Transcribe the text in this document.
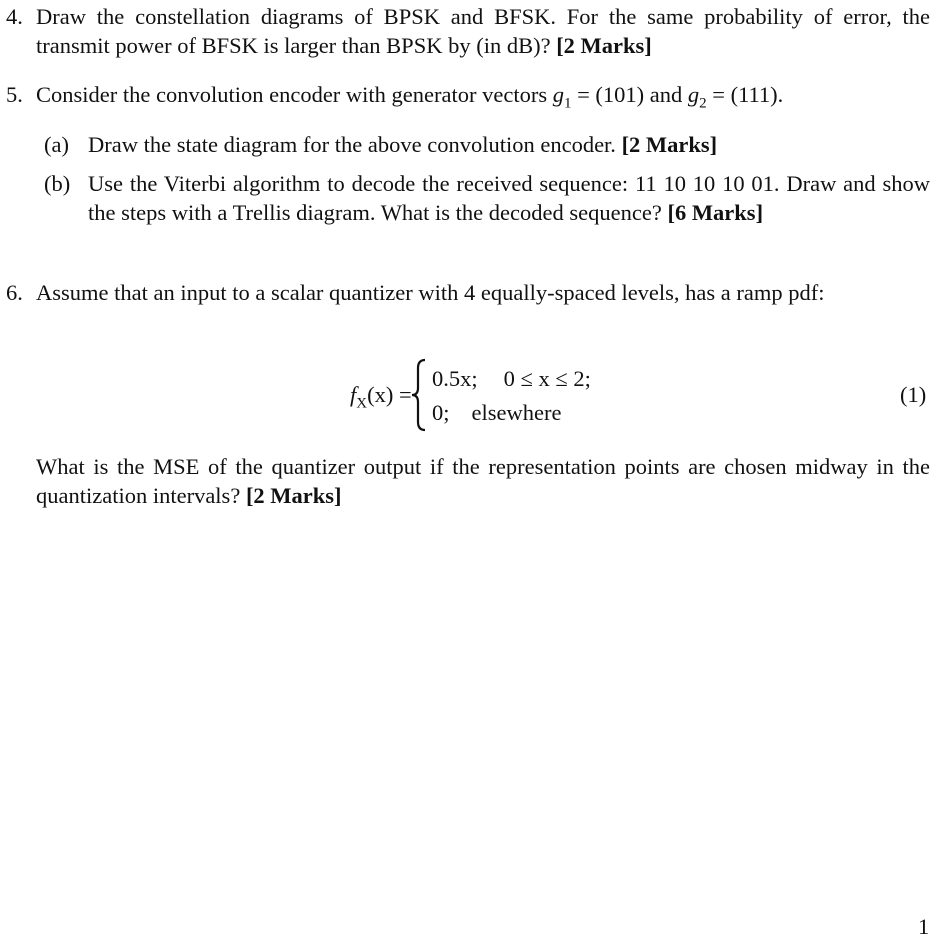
4. Draw the constellation diagrams of BPSK and BFSK. For the same probability of error, the transmit power of BFSK is larger than BPSK by (in dB)? [2 Marks]
5. Consider the convolution encoder with generator vectors $g_1 = (101)$ and $g_2 = (111)$.
(a) Draw the state diagram for the above convolution encoder. [2 Marks]
(b) Use the Viterbi algorithm to decode the received sequence: 11 10 10 10 01. Draw and show the steps with a Trellis diagram. What is the decoded sequence? [6 Marks]
6. Assume that an input to a scalar quantizer with 4 equally-spaced levels, has a ramp pdf:
$f_X(x)$ =
0.5x; 0 ≤ x ≤ 2;
0; elsewhere
(1)
What is the MSE of the quantizer output if the representation points are chosen midway in the quantization intervals? [2 Marks]
1
